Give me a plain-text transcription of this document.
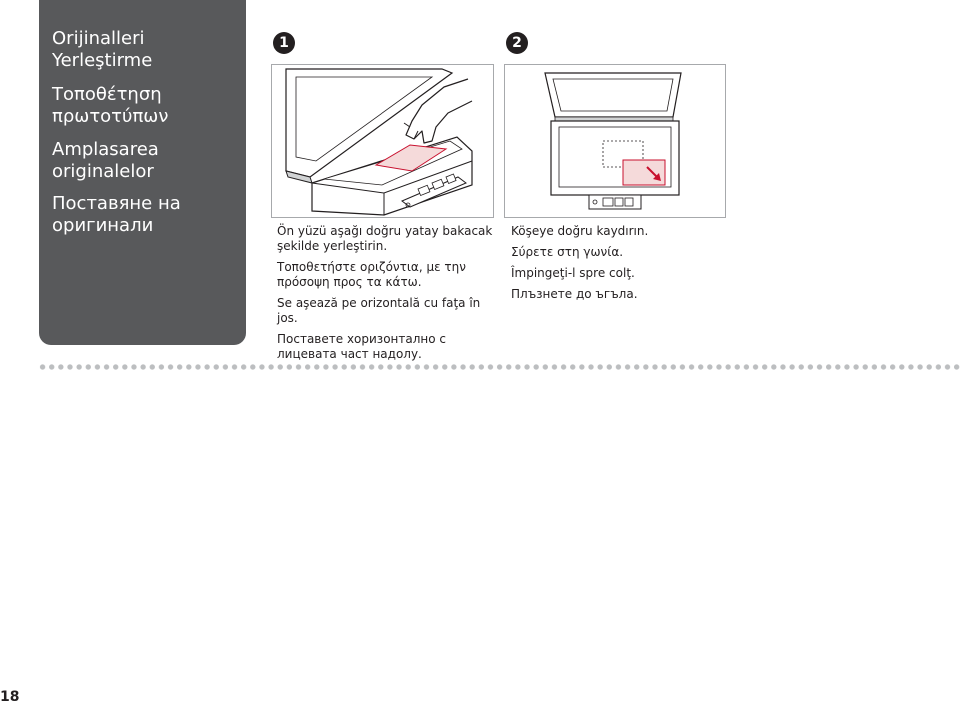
Orijinalleri
Yerleştirme
Τοποθέτηση
πρωτοτύπων
Amplasarea
originalelor
Поставяне на
оригинали
1
Ön yüzü aşağı doğru yatay bakacak şekilde yerleştirin.
Τοποθετήστε οριζόντια, με την πρόσοψη προς τα κάτω.
Se aşează pe orizontală cu faţa în jos.
Поставете хоризонтално с лицевата част надолу.
2
Köşeye doğru kaydırın.
Σύρετε στη γωνία.
Împingeţi-l spre colţ.
Плъзнете до ъгъла.
18
